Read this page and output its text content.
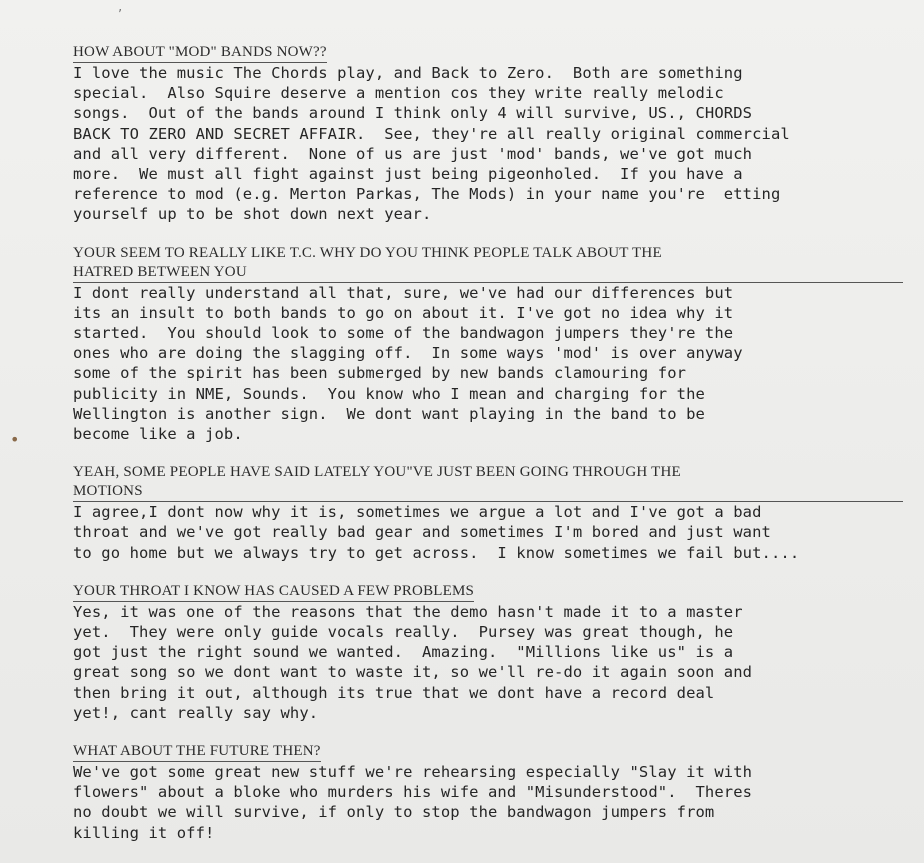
’
•
HOW ABOUT "MOD" BANDS NOW??
I love the music The Chords play, and Back to Zero.  Both are something
special.  Also Squire deserve a mention cos they write really melodic
songs.  Out of the bands around I think only 4 will survive, US., CHORDS
BACK TO ZERO AND SECRET AFFAIR.  See, they're all really original commercial
and all very different.  None of us are just 'mod' bands, we've got much
more.  We must all fight against just being pigeonholed.  If you have a
reference to mod (e.g. Merton Parkas, The Mods) in your name you're  etting
yourself up to be shot down next year.
YOUR SEEM TO REALLY LIKE T.C. WHY DO YOU THINK PEOPLE TALK ABOUT THE
HATRED BETWEEN YOU
I dont really understand all that, sure, we've had our differences but
its an insult to both bands to go on about it. I've got no idea why it
started.  You should look to some of the bandwagon jumpers they're the
ones who are doing the slagging off.  In some ways 'mod' is over anyway
some of the spirit has been submerged by new bands clamouring for
publicity in NME, Sounds.  You know who I mean and charging for the
Wellington is another sign.  We dont want playing in the band to be
become like a job.
YEAH, SOME PEOPLE HAVE SAID LATELY YOU"VE JUST BEEN GOING THROUGH THE
MOTIONS
I agree,I dont now why it is, sometimes we argue a lot and I've got a bad
throat and we've got really bad gear and sometimes I'm bored and just want
to go home but we always try to get across.  I know sometimes we fail but....
YOUR THROAT I KNOW HAS CAUSED A FEW PROBLEMS
Yes, it was one of the reasons that the demo hasn't made it to a master
yet.  They were only guide vocals really.  Pursey was great though, he
got just the right sound we wanted.  Amazing.  "Millions like us" is a
great song so we dont want to waste it, so we'll re-do it again soon and
then bring it out, although its true that we dont have a record deal
yet!, cant really say why.
WHAT ABOUT THE FUTURE THEN?
We've got some great new stuff we're rehearsing especially "Slay it with
flowers" about a bloke who murders his wife and "Misunderstood".  Theres
no doubt we will survive, if only to stop the bandwagon jumpers from
killing it off!
